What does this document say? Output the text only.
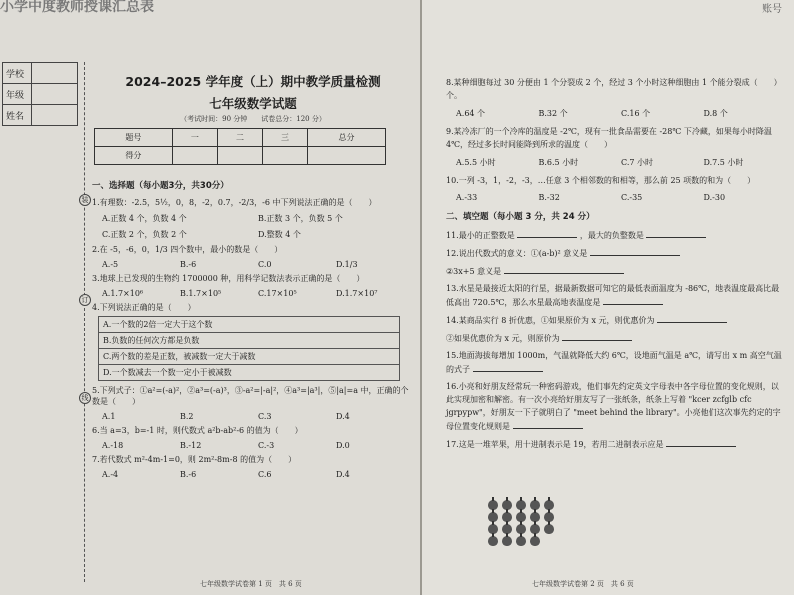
学校	
年级	
姓名	
装
订
线

2024–2025 学年度（上）期中教学质量检测

七年级数学试题

（考试时间：90 分钟　　试卷总分：120 分）

题号	一	二	三	总分
得分				
一、选择题（每小题3分，共30分）
1.有理数：-2.5，5½，0，8，-2，0.7，-2/3，-6 中下列说法正确的是（　　）
A.正数 4 个，负数 4 个	B.正数 3 个，负数 5 个
C.正数 2 个，负数 2 个	D.整数 4 个
2.在 -5，-6，0，1/3 四个数中，最小的数是（　　）
A.-5	B.-6	C.0	D.1/3
3.地球上已发现的生物约 1700000 种，用科学记数法表示正确的是（　　）
A.1.7×10⁶	B.1.7×10⁵	C.17×10⁵	D.1.7×10⁷
4.下列说法正确的是（　　）
A.一个数的2倍一定大于这个数
B.负数的任何次方都是负数
C.两个数的差是正数，被减数一定大于减数
D.一个数减去一个数一定小于被减数
5.下列式子：①a²=(-a)²，②a³=(-a)³，③-a²=|-a|²，④a³=|a³|，⑤|a|=a 中，正确的个数是（　　）
A.1	B.2	C.3	D.4
6.当 a=3，b=-1 时，则代数式 a²b-ab²-6 的值为（　　）
A.-18	B.-12	C.-3	D.0
7.若代数式 m²-4m-1=0，则 2m²-8m-8 的值为（　　）
A.-4	B.-6	C.6	D.4
七年级数学试卷第 1 页　共 6 页
8.某种细胞每过 30 分便由 1 个分裂成 2 个，经过 3 个小时这种细胞由 1 个能分裂成（　　）个。
A.64 个	B.32 个	C.16 个	D.8 个
9.某冷冻厂的一个冷库的温度是 -2℃，现有一批食品需要在 -28℃ 下冷藏，如果每小时降温 4℃，经过多长时间能降到所求的温度（　　）
A.5.5 小时	B.6.5 小时	C.7 小时	D.7.5 小时
10.一列 -3，1，-2，-3，…任意 3 个相邻数的和相等，那么前 25 项数的和为（　　）
A.-33	B.-32	C.-35	D.-30
二、填空题（每小题 3 分，共 24 分）
11.最小的正整数是	，最大的负整数是
12.说出代数式的意义：①(a-b)² 意义是
②3x+5 意义是
13.水星是最接近太阳的行星，据最新数据可知它的最低表面温度为 -86℃，地表温度最高比最低高出 720.5℃，那么水星最高地表温度是
14.某商品实行 8 折优惠，①如果原价为 x 元，则优惠价为
②如果优惠价为 x 元，则原价为
15.地面海拔每增加 1000m，气温就降低大约 6℃，设地面气温是 a℃，请写出 x m 高空气温的式子
16.小亮和好朋友经常玩一种密码游戏，他们事先约定英文字母表中各字母位置的变化规则，以此实现加密和解密。有一次小亮给好朋友写了一张纸条，纸条上写着 "kcer zcfglb cfc jgrpypw"，好朋友一下子就明白了 "meet behind the library"。小亮他们这次事先约定的字母位置变化规则是
17.这是一堆苹果，用十进制表示是 19，若用二进制表示应是
七年级数学试卷第 2 页　共 6 页
小学中度教师授课汇总表	账号
